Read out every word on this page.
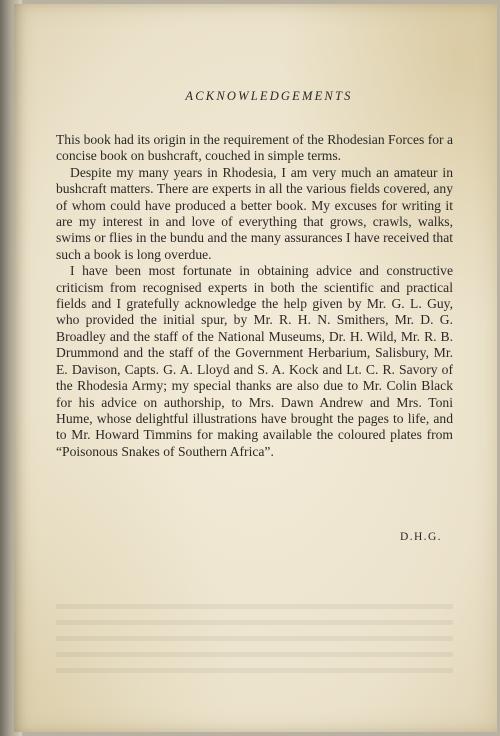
ACKNOWLEDGEMENTS

This book had its origin in the requirement of the Rhodesian Forces for a concise book on bushcraft, couched in simple terms.

Despite my many years in Rhodesia, I am very much an amateur in bushcraft matters. There are experts in all the various fields covered, any of whom could have produced a better book. My excuses for writing it are my interest in and love of everything that grows, crawls, walks, swims or flies in the bundu and the many assurances I have received that such a book is long overdue.

I have been most fortunate in obtaining advice and constructive criticism from recognised experts in both the scientific and practical fields and I gratefully acknowledge the help given by Mr. G. L. Guy, who provided the initial spur, by Mr. R. H. N. Smithers, Mr. D. G. Broadley and the staff of the National Museums, Dr. H. Wild, Mr. R. B. Drummond and the staff of the Government Herbarium, Salisbury, Mr. E. Davison, Capts. G. A. Lloyd and S. A. Kock and Lt. C. R. Savory of the Rhodesia Army; my special thanks are also due to Mr. Colin Black for his advice on authorship, to Mrs. Dawn Andrew and Mrs. Toni Hume, whose delightful illustrations have brought the pages to life, and to Mr. Howard Timmins for making available the coloured plates from “Poisonous Snakes of Southern Africa”.

D.H.G.
